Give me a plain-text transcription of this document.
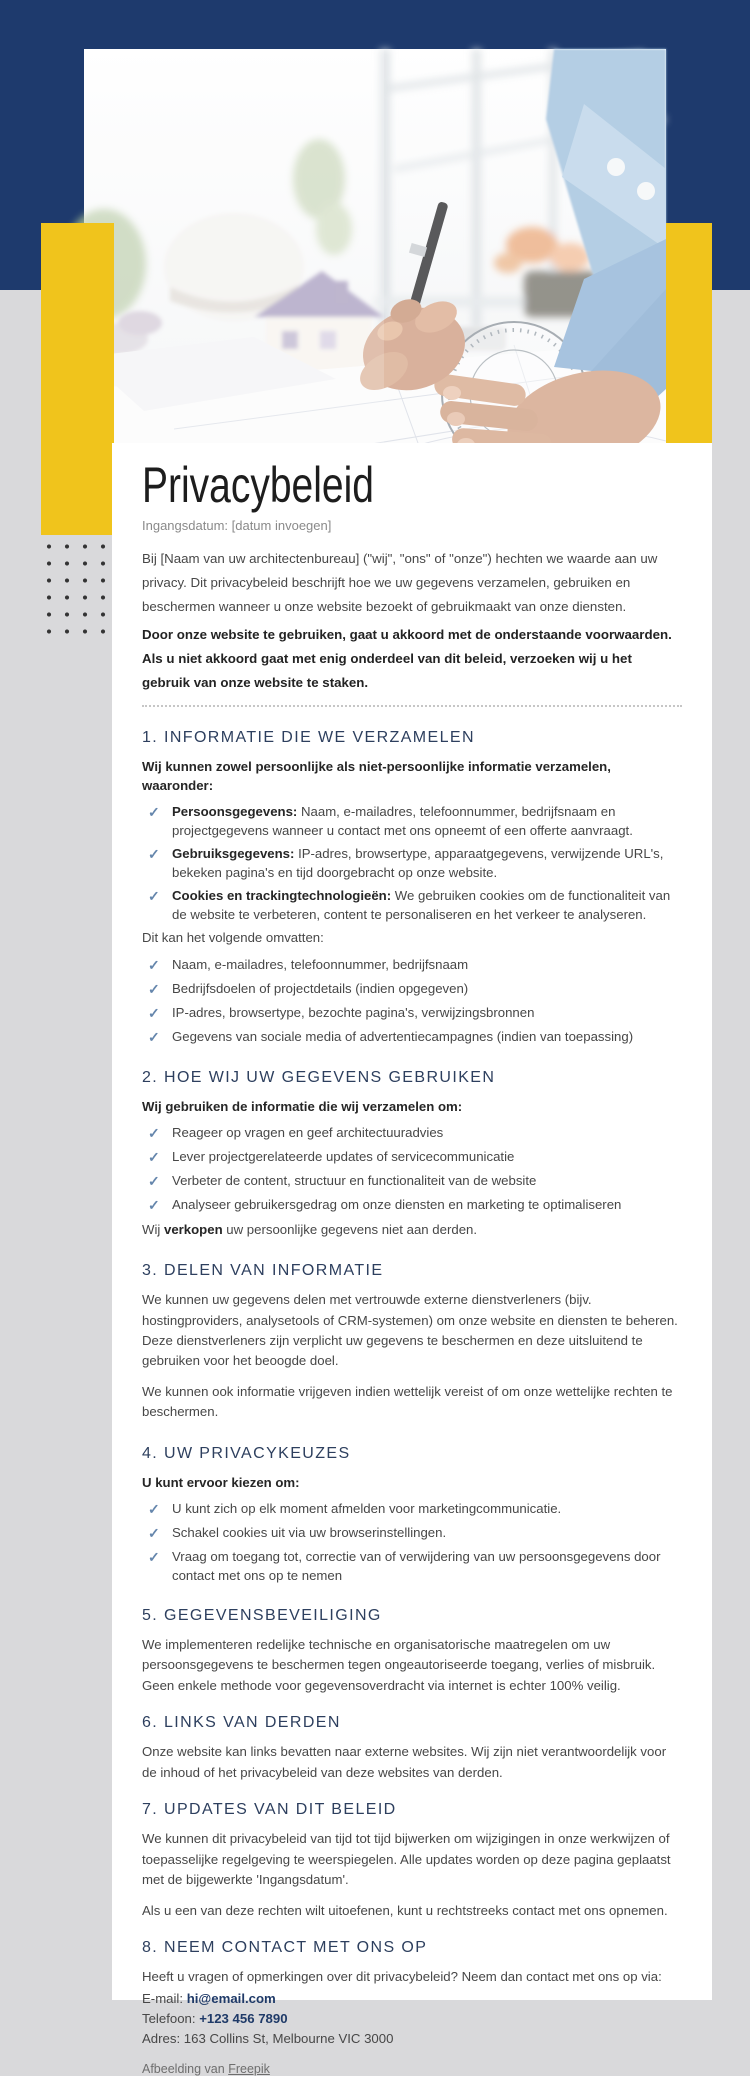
Privacybeleid

Ingangsdatum: [datum invoegen]

Bij [Naam van uw architectenbureau] ("wij", "ons" of "onze") hechten we waarde aan uw privacy. Dit privacybeleid beschrijft hoe we uw gegevens verzamelen, gebruiken en beschermen wanneer u onze website bezoekt of gebruikmaakt van onze diensten.

Door onze website te gebruiken, gaat u akkoord met de onderstaande voorwaarden. Als u niet akkoord gaat met enig onderdeel van dit beleid, verzoeken wij u het gebruik van onze website te staken.

1. INFORMATIE DIE WE VERZAMELEN

Wij kunnen zowel persoonlijke als niet-persoonlijke informatie verzamelen, waaronder:

✓ Persoonsgegevens: Naam, e-mailadres, telefoonnummer, bedrijfsnaam en projectgegevens wanneer u contact met ons opneemt of een offerte aanvraagt.
✓ Gebruiksgegevens: IP-adres, browsertype, apparaatgegevens, verwijzende URL's, bekeken pagina's en tijd doorgebracht op onze website.
✓ Cookies en trackingtechnologieën: We gebruiken cookies om de functionaliteit van de website te verbeteren, content te personaliseren en het verkeer te analyseren.

Dit kan het volgende omvatten:

✓ Naam, e-mailadres, telefoonnummer, bedrijfsnaam
✓ Bedrijfsdoelen of projectdetails (indien opgegeven)
✓ IP-adres, browsertype, bezochte pagina's, verwijzingsbronnen
✓ Gegevens van sociale media of advertentiecampagnes (indien van toepassing)
2. HOE WIJ UW GEGEVENS GEBRUIKEN

Wij gebruiken de informatie die wij verzamelen om:

✓ Reageer op vragen en geef architectuuradvies
✓ Lever projectgerelateerde updates of servicecommunicatie
✓ Verbeter de content, structuur en functionaliteit van de website
✓ Analyseer gebruikersgedrag om onze diensten en marketing te optimaliseren

Wij verkopen uw persoonlijke gegevens niet aan derden.

3. DELEN VAN INFORMATIE

We kunnen uw gegevens delen met vertrouwde externe dienstverleners (bijv. hostingproviders, analysetools of CRM-systemen) om onze website en diensten te beheren. Deze dienstverleners zijn verplicht uw gegevens te beschermen en deze uitsluitend te gebruiken voor het beoogde doel.

We kunnen ook informatie vrijgeven indien wettelijk vereist of om onze wettelijke rechten te beschermen.

4. UW PRIVACYKEUZES

U kunt ervoor kiezen om:

✓ U kunt zich op elk moment afmelden voor marketingcommunicatie.
✓ Schakel cookies uit via uw browserinstellingen.
✓ Vraag om toegang tot, correctie van of verwijdering van uw persoonsgegevens door contact met ons op te nemen
5. GEGEVENSBEVEILIGING

We implementeren redelijke technische en organisatorische maatregelen om uw persoonsgegevens te beschermen tegen ongeautoriseerde toegang, verlies of misbruik. Geen enkele methode voor gegevensoverdracht via internet is echter 100% veilig.

6. LINKS VAN DERDEN

Onze website kan links bevatten naar externe websites. Wij zijn niet verantwoordelijk voor de inhoud of het privacybeleid van deze websites van derden.

7. UPDATES VAN DIT BELEID

We kunnen dit privacybeleid van tijd tot tijd bijwerken om wijzigingen in onze werkwijzen of toepasselijke regelgeving te weerspiegelen. Alle updates worden op deze pagina geplaatst met de bijgewerkte 'Ingangsdatum'.

Als u een van deze rechten wilt uitoefenen, kunt u rechtstreeks contact met ons opnemen.

8. NEEM CONTACT MET ONS OP

Heeft u vragen of opmerkingen over dit privacybeleid? Neem dan contact met ons op via:

E-mail: hi@email.com

Telefoon: +123 456 7890

Adres: 163 Collins St, Melbourne VIC 3000

Afbeelding van Freepik
